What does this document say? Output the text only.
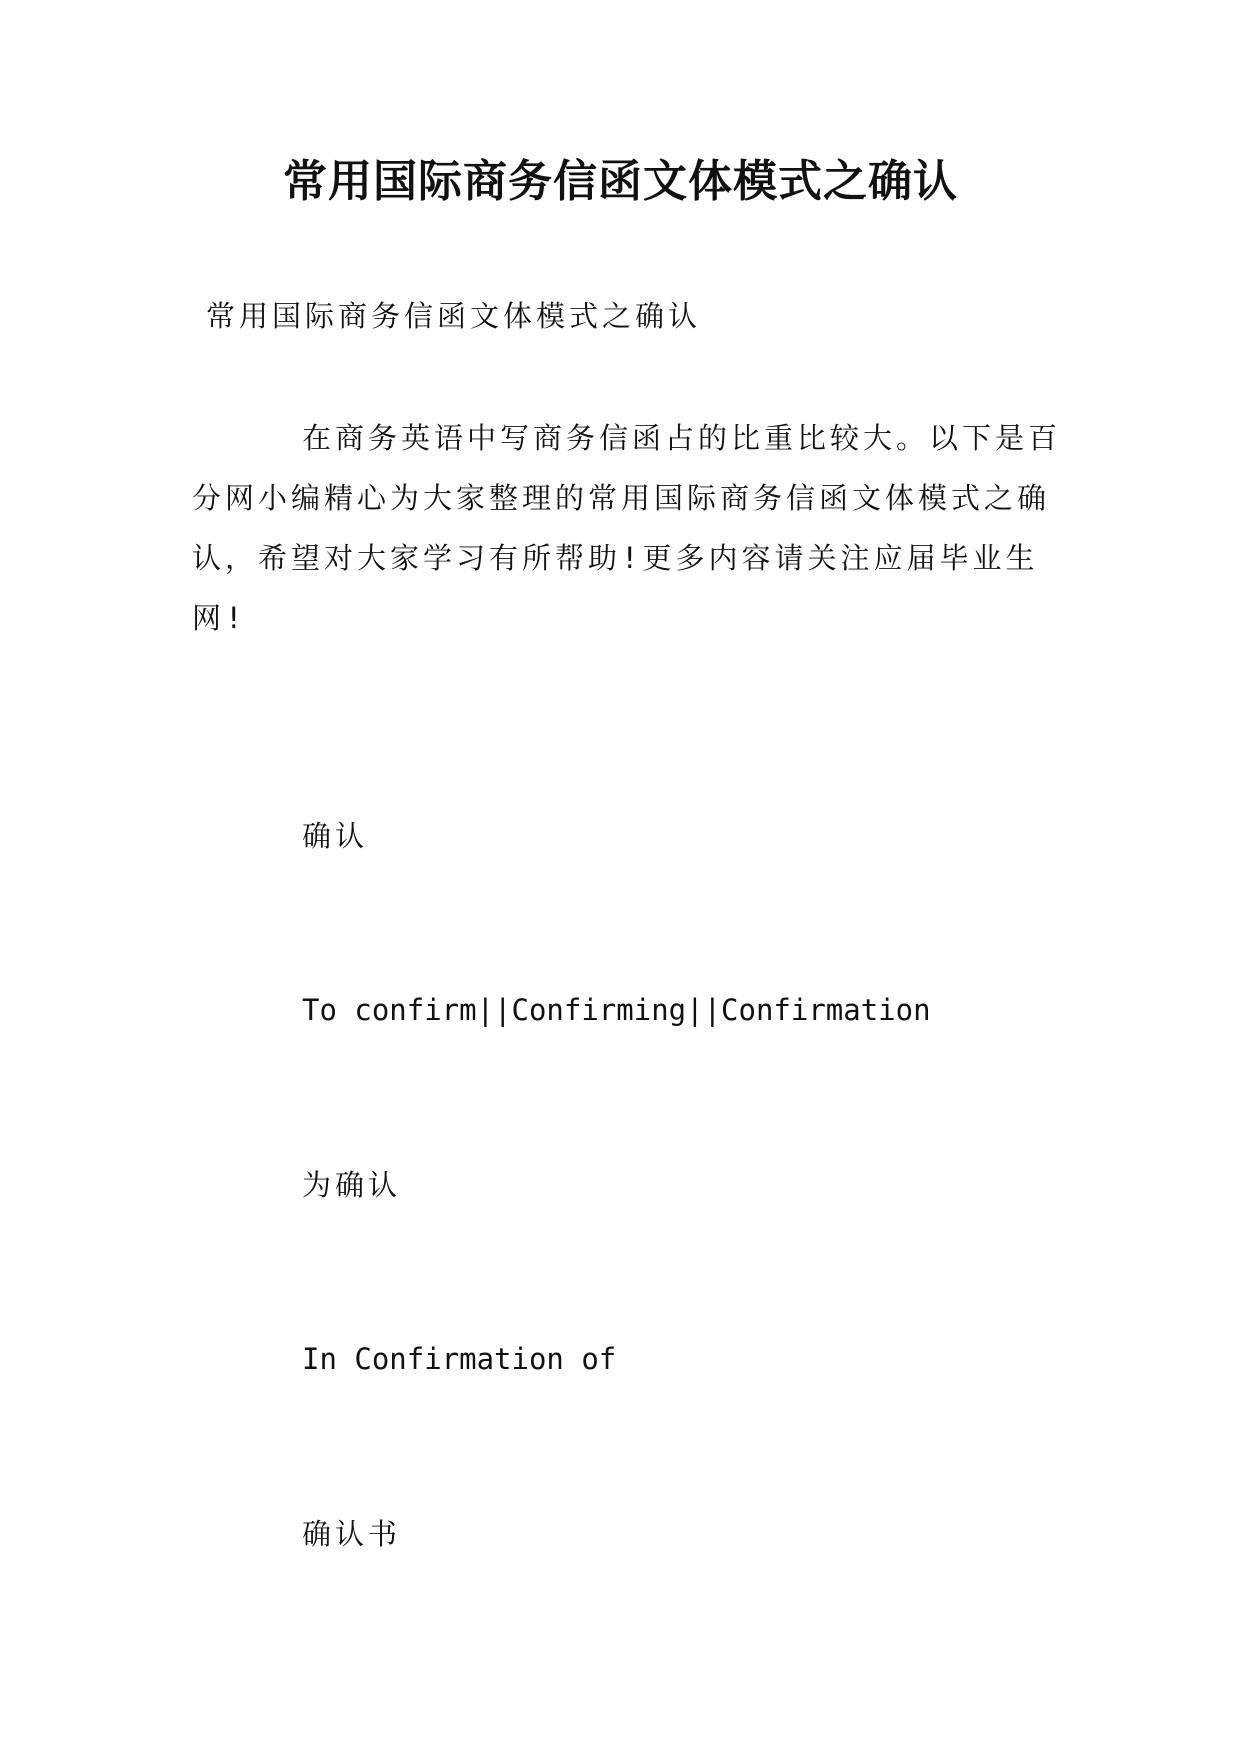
常用国际商务信函文体模式之确认
常用国际商务信函文体模式之确认

在商务英语中写商务信函占的比重比较大。以下是百分网小编精心为大家整理的常用国际商务信函文体模式之确认，希望对大家学习有所帮助!更多内容请关注应届毕业生网!

确认
To confirm||Confirming||Confirmation
为确认
In Confirmation of
确认书
